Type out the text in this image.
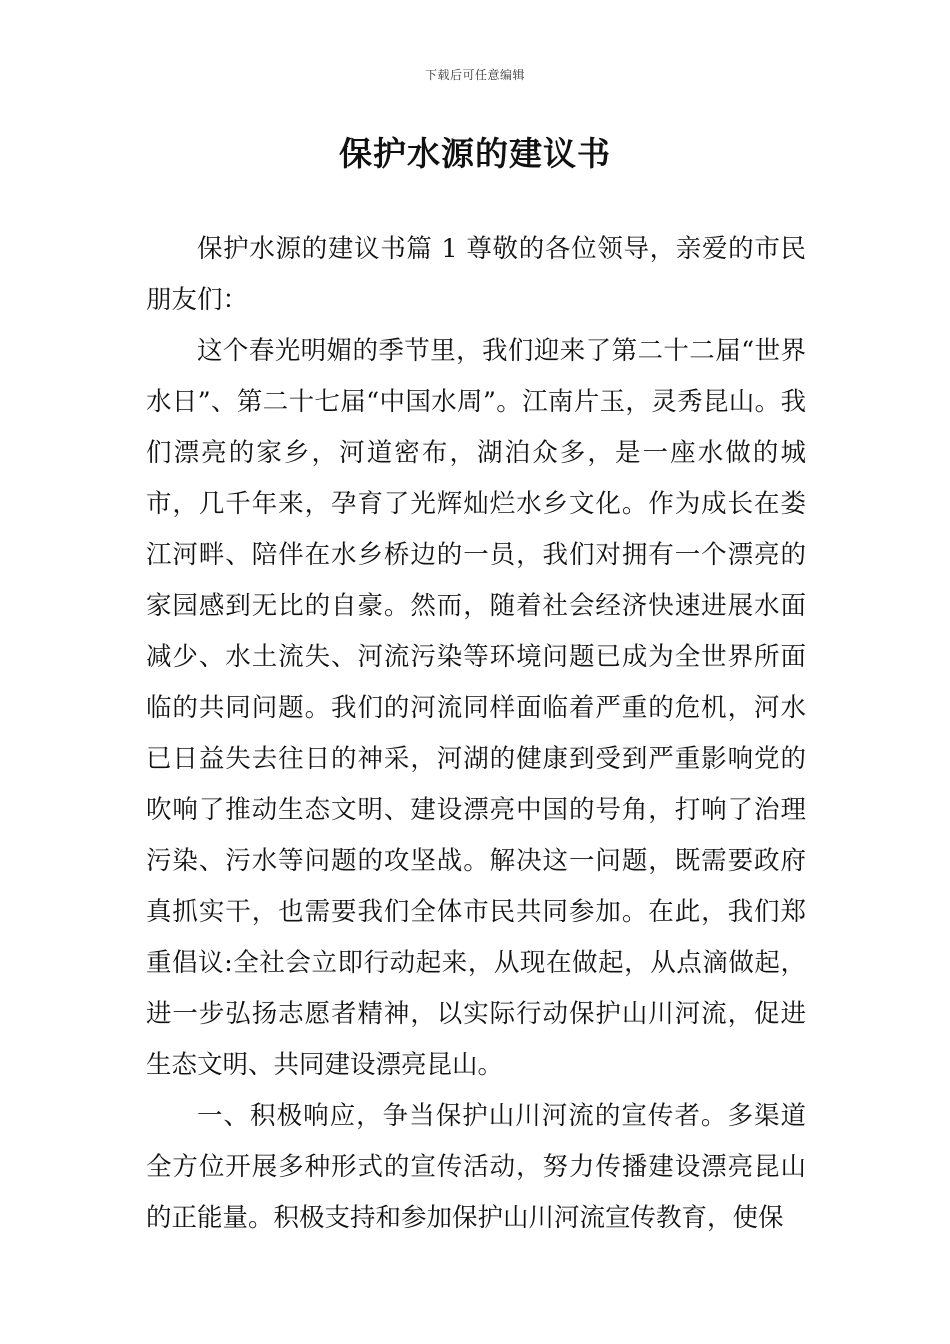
下载后可任意编辑
保护水源的建议书

保护水源的建议书篇 1 尊敬的各位领导，亲爱的市民朋友们：

这个春光明媚的季节里，我们迎来了第二十二届“世界水日”、第二十七届“中国水周”。江南片玉，灵秀昆山。我们漂亮的家乡，河道密布，湖泊众多，是一座水做的城市，几千年来，孕育了光辉灿烂水乡文化。作为成长在娄江河畔、陪伴在水乡桥边的一员，我们对拥有一个漂亮的家园感到无比的自豪。然而，随着社会经济快速进展水面减少、水土流失、河流污染等环境问题已成为全世界所面临的共同问题。我们的河流同样面临着严重的危机，河水已日益失去往日的神采，河湖的健康到受到严重影响党的吹响了推动生态文明、建设漂亮中国的号角，打响了治理污染、污水等问题的攻坚战。解决这一问题，既需要政府真抓实干，也需要我们全体市民共同参加。在此，我们郑重倡议:全社会立即行动起来，从现在做起，从点滴做起，进一步弘扬志愿者精神，以实际行动保护山川河流，促进生态文明、共同建设漂亮昆山。

一、积极响应，争当保护山川河流的宣传者。多渠道全方位开展多种形式的宣传活动，努力传播建设漂亮昆山的正能量。积极支持和参加保护山川河流宣传教育，使保
